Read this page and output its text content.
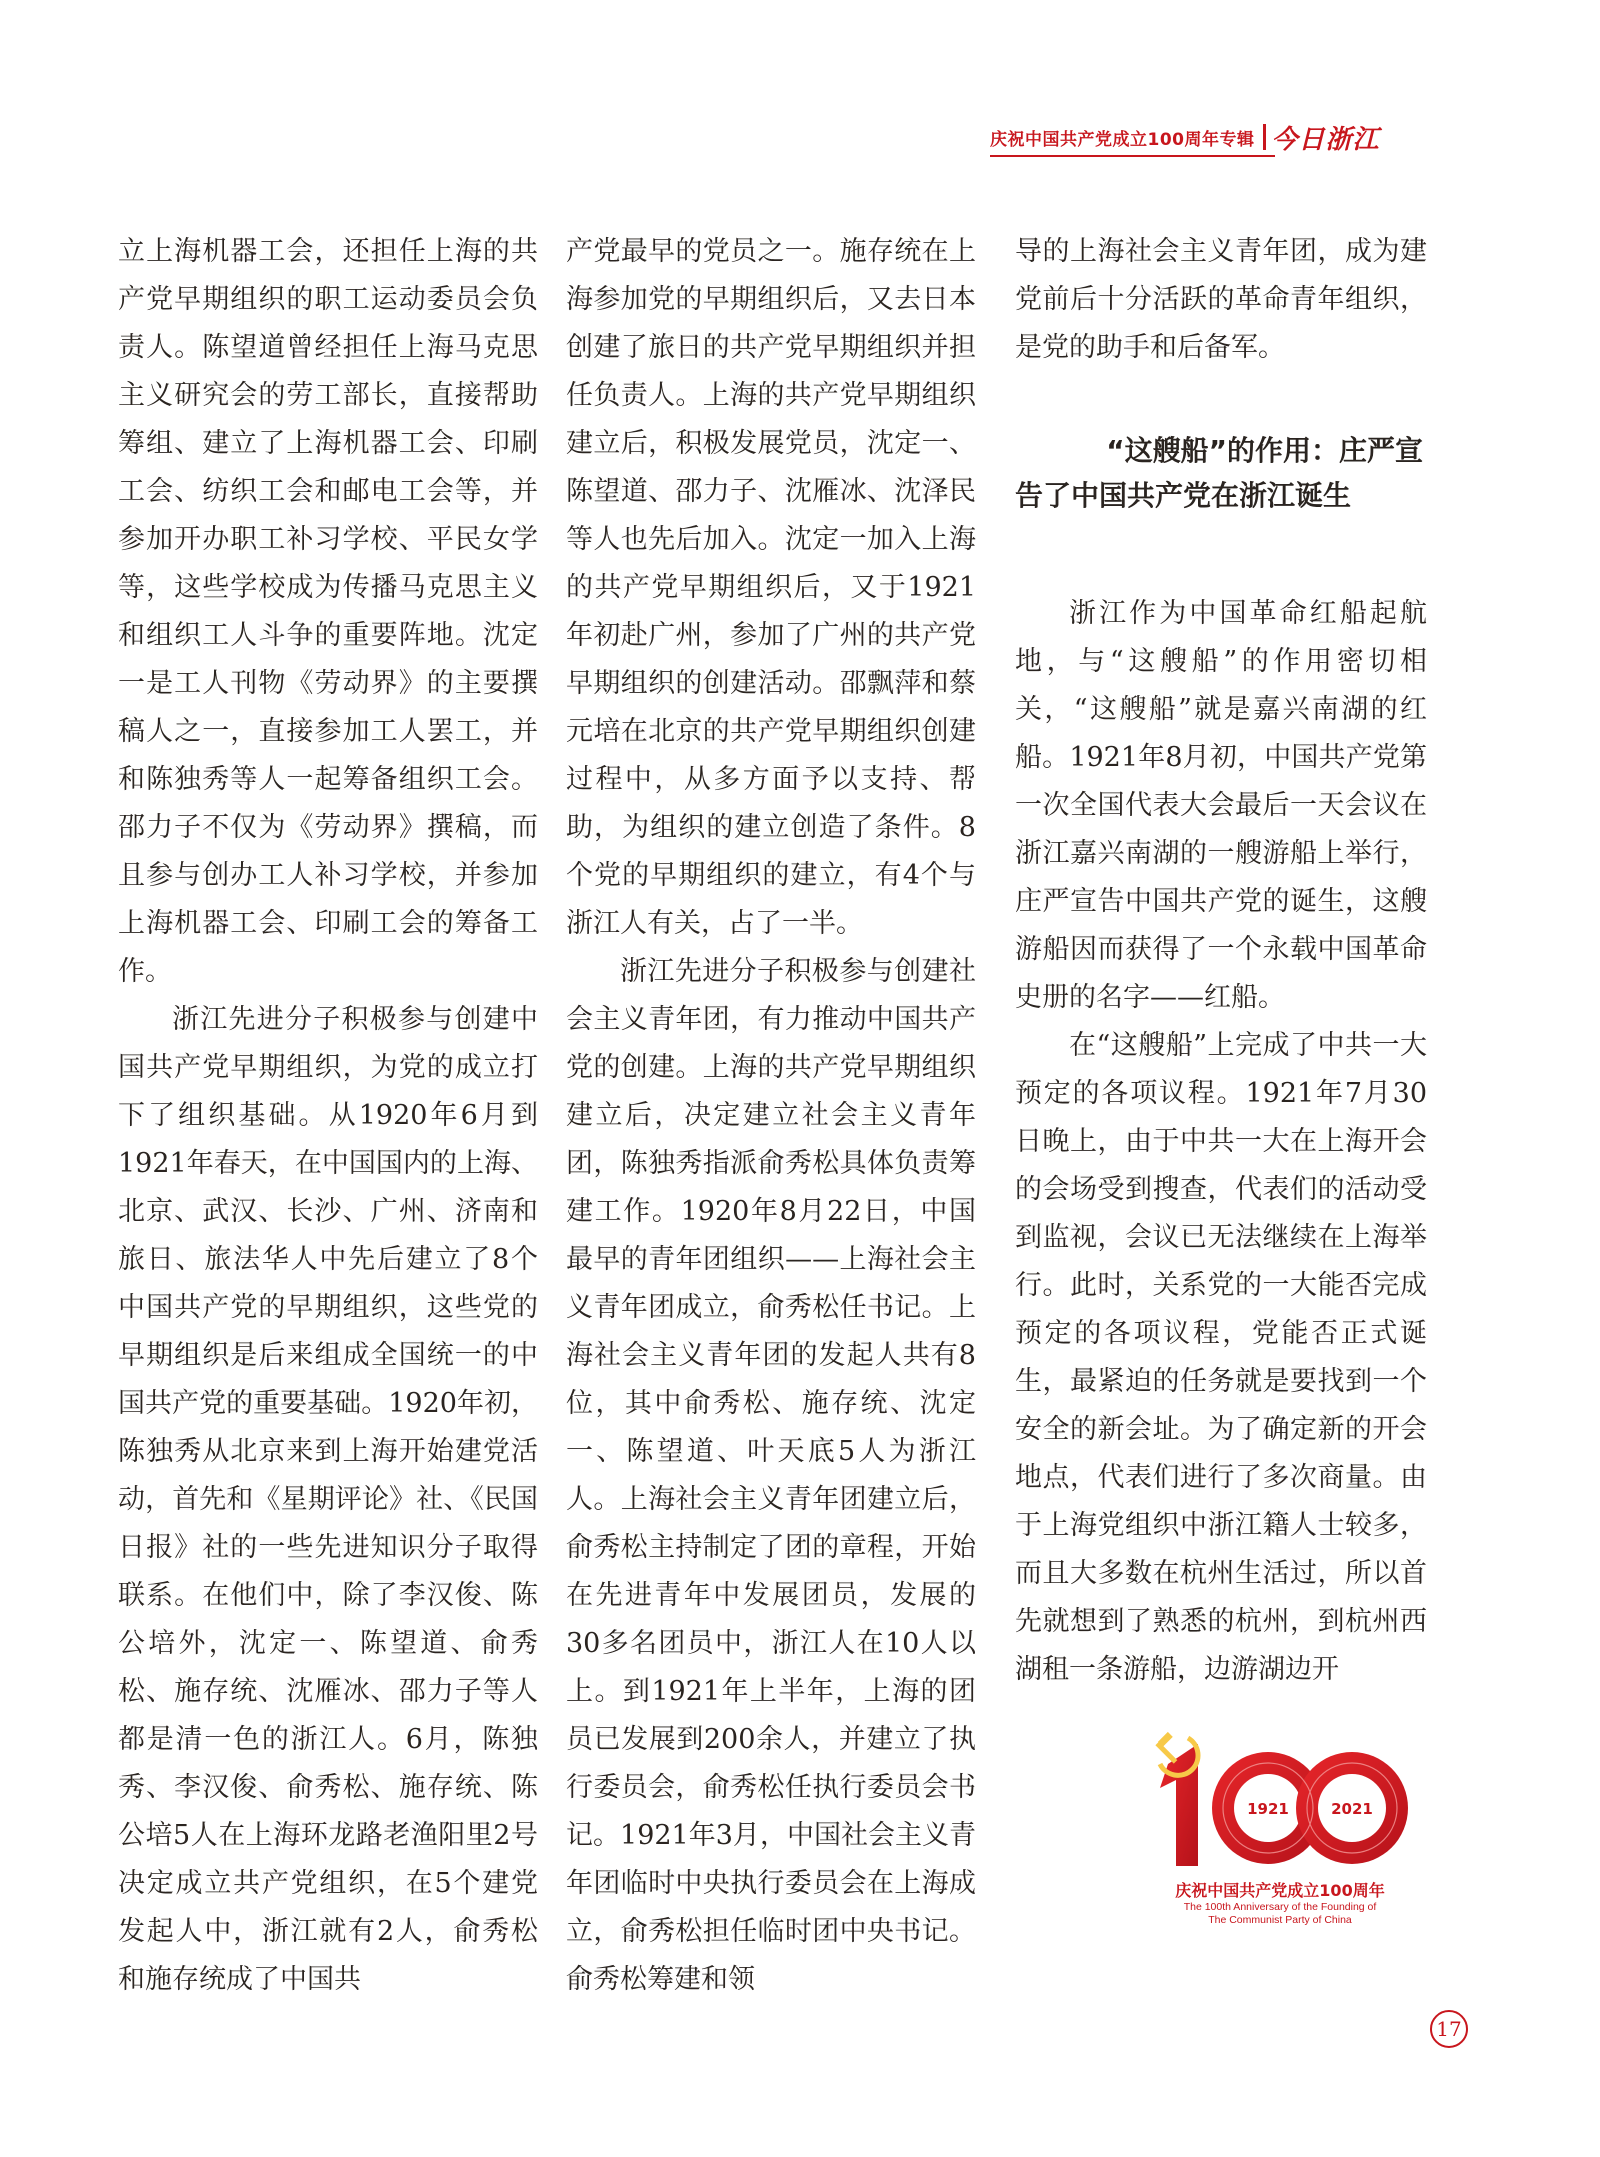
庆祝中国共产党成立100周年专辑 今日浙江

立上海机器工会，还担任上海的共产党早期组织的职工运动委员会负责人。陈望道曾经担任上海马克思主义研究会的劳工部长，直接帮助筹组、建立了上海机器工会、印刷工会、纺织工会和邮电工会等，并参加开办职工补习学校、平民女学等，这些学校成为传播马克思主义和组织工人斗争的重要阵地。沈定一是工人刊物《劳动界》的主要撰稿人之一，直接参加工人罢工，并和陈独秀等人一起筹备组织工会。邵力子不仅为《劳动界》撰稿，而且参与创办工人补习学校，并参加上海机器工会、印刷工会的筹备工作。

浙江先进分子积极参与创建中国共产党早期组织，为党的成立打下了组织基础。从1920年6月到1921年春天，在中国国内的上海、北京、武汉、长沙、广州、济南和旅日、旅法华人中先后建立了8个中国共产党的早期组织，这些党的早期组织是后来组成全国统一的中国共产党的重要基础。1920年初，陈独秀从北京来到上海开始建党活动，首先和《星期评论》社、《民国日报》社的一些先进知识分子取得联系。在他们中，除了李汉俊、陈公培外，沈定一、陈望道、俞秀松、施存统、沈雁冰、邵力子等人都是清一色的浙江人。6月，陈独秀、李汉俊、俞秀松、施存统、陈公培5人在上海环龙路老渔阳里2号决定成立共产党组织，在5个建党发起人中，浙江就有2人，俞秀松和施存统成了中国共

产党最早的党员之一。施存统在上海参加党的早期组织后，又去日本创建了旅日的共产党早期组织并担任负责人。上海的共产党早期组织建立后，积极发展党员，沈定一、陈望道、邵力子、沈雁冰、沈泽民等人也先后加入。沈定一加入上海的共产党早期组织后，又于1921年初赴广州，参加了广州的共产党早期组织的创建活动。邵飘萍和蔡元培在北京的共产党早期组织创建过程中，从多方面予以支持、帮助，为组织的建立创造了条件。8个党的早期组织的建立，有4个与浙江人有关，占了一半。

浙江先进分子积极参与创建社会主义青年团，有力推动中国共产党的创建。上海的共产党早期组织建立后，决定建立社会主义青年团，陈独秀指派俞秀松具体负责筹建工作。1920年8月22日，中国最早的青年团组织——上海社会主义青年团成立，俞秀松任书记。上海社会主义青年团的发起人共有8位，其中俞秀松、施存统、沈定一、陈望道、叶天底5人为浙江人。上海社会主义青年团建立后，俞秀松主持制定了团的章程，开始在先进青年中发展团员，发展的30多名团员中，浙江人在10人以上。到1921年上半年，上海的团员已发展到200余人，并建立了执行委员会，俞秀松任执行委员会书记。1921年3月，中国社会主义青年团临时中央执行委员会在上海成立，俞秀松担任临时团中央书记。俞秀松筹建和领

导的上海社会主义青年团，成为建党前后十分活跃的革命青年组织，是党的助手和后备军。

“这艘船”的作用：庄严宣
告了中国共产党在浙江诞生

浙江作为中国革命红船起航地，与“这艘船”的作用密切相关，“这艘船”就是嘉兴南湖的红船。1921年8月初，中国共产党第一次全国代表大会最后一天会议在浙江嘉兴南湖的一艘游船上举行，庄严宣告中国共产党的诞生，这艘游船因而获得了一个永载中国革命史册的名字——红船。

在“这艘船”上完成了中共一大预定的各项议程。1921年7月30日晚上，由于中共一大在上海开会的会场受到搜查，代表们的活动受到监视，会议已无法继续在上海举行。此时，关系党的一大能否完成预定的各项议程，党能否正式诞生，最紧迫的任务就是要找到一个安全的新会址。为了确定新的开会地点，代表们进行了多次商量。由于上海党组织中浙江籍人士较多，而且大多数在杭州生活过，所以首先就想到了熟悉的杭州，到杭州西湖租一条游船，边游湖边开

1921	2021
庆祝中国共产党成立100周年
The 100th Anniversary of the Founding of
The Communist Party of China
17
